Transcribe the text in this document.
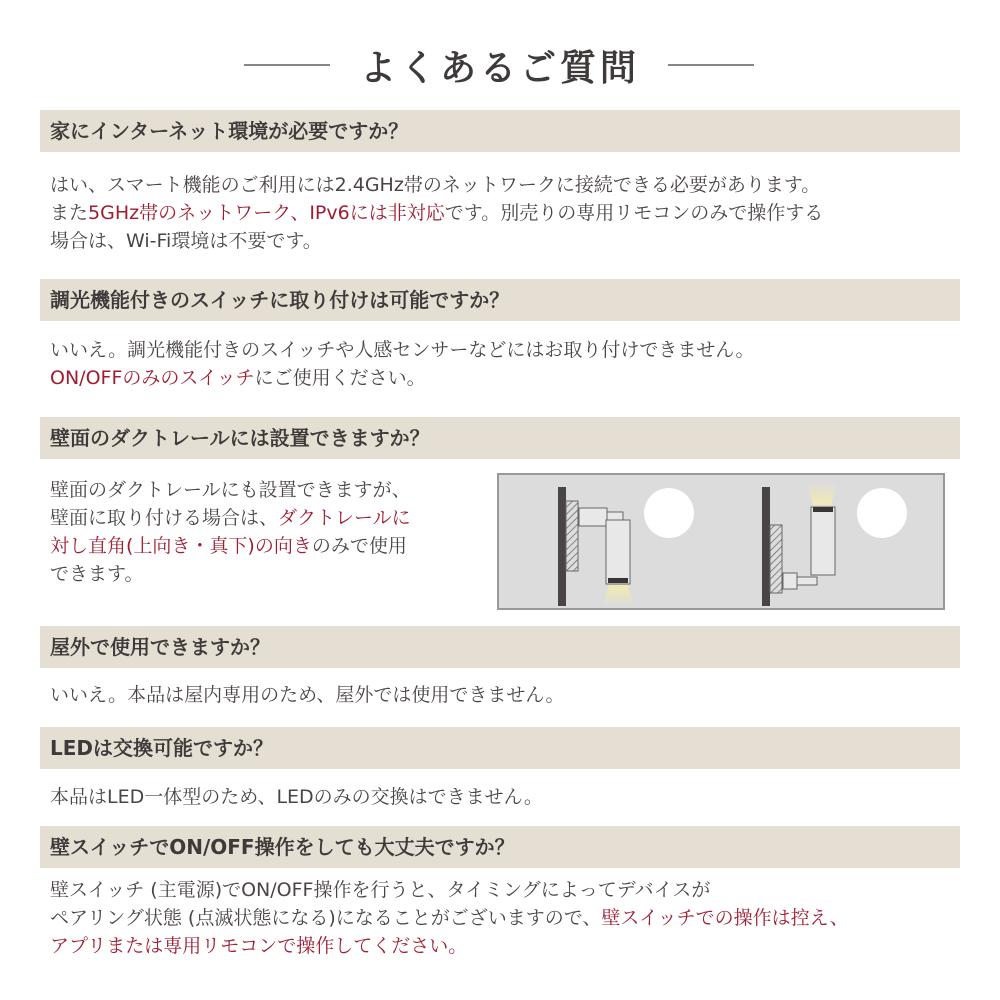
よくあるご質問
家にインターネット環境が必要ですか？
はい、スマート機能のご利用には2.4GHz帯のネットワークに接続できる必要があります。
また5GHz帯のネットワーク、IPv6には非対応です。別売りの専用リモコンのみで操作する
場合は、Wi-Fi環境は不要です。
調光機能付きのスイッチに取り付けは可能ですか？
いいえ。調光機能付きのスイッチや人感センサーなどにはお取り付けできません。
ON/OFFのみのスイッチにご使用ください。
壁面のダクトレールには設置できますか？
壁面のダクトレールにも設置できますが、
壁面に取り付ける場合は、ダクトレールに
対し直角(上向き・真下)の向きのみで使用
できます。
屋外で使用できますか？
いいえ。本品は屋内専用のため、屋外では使用できません。
LEDは交換可能ですか？
本品はLED一体型のため、LEDのみの交換はできません。
壁スイッチでON/OFF操作をしても大丈夫ですか？
壁スイッチ (主電源)でON/OFF操作を行うと、タイミングによってデバイスが
ペアリング状態 (点滅状態になる)になることがございますので、壁スイッチでの操作は控え、
アプリまたは専用リモコンで操作してください。
